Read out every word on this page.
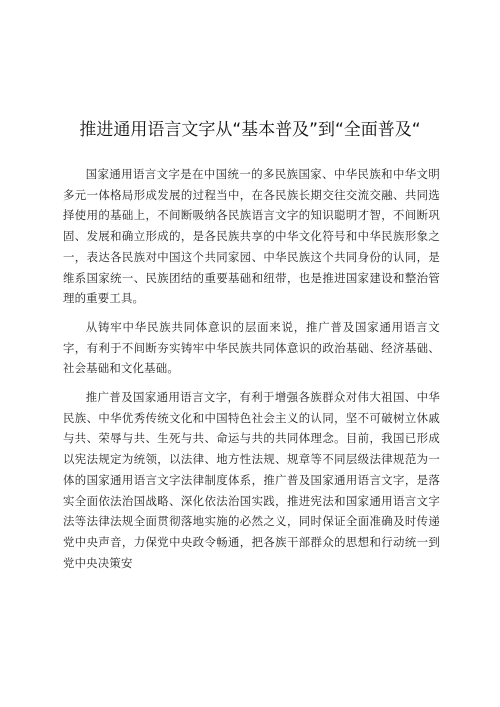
推进通用语言文字从“基本普及”到“全面普及“

国家通用语言文字是在中国统一的多民族国家、中华民族和中华文明多元一体格局形成发展的过程当中，在各民族长期交往交流交融、共同选择使用的基础上，不间断吸纳各民族语言文字的知识聪明才智，不间断巩固、发展和确立形成的，是各民族共享的中华文化符号和中华民族形象之一，表达各民族对中国这个共同家园、中华民族这个共同身份的认同，是维系国家统一、民族团结的重要基础和纽带，也是推进国家建设和整治管理的重要工具。

从铸牢中华民族共同体意识的层面来说，推广普及国家通用语言文字，有利于不间断夯实铸牢中华民族共同体意识的政治基础、经济基础、社会基础和文化基础。

推广普及国家通用语言文字，有利于增强各族群众对伟大祖国、中华民族、中华优秀传统文化和中国特色社会主义的认同，坚不可破树立休戚与共、荣辱与共、生死与共、命运与共的共同体理念。目前，我国已形成以宪法规定为统领，以法律、地方性法规、规章等不同层级法律规范为一体的国家通用语言文字法律制度体系，推广普及国家通用语言文字，是落实全面依法治国战略、深化依法治国实践，推进宪法和国家通用语言文字法等法律法规全面贯彻落地实施的必然之义，同时保证全面准确及时传递党中央声音，力保党中央政令畅通，把各族干部群众的思想和行动统一到党中央决策安
